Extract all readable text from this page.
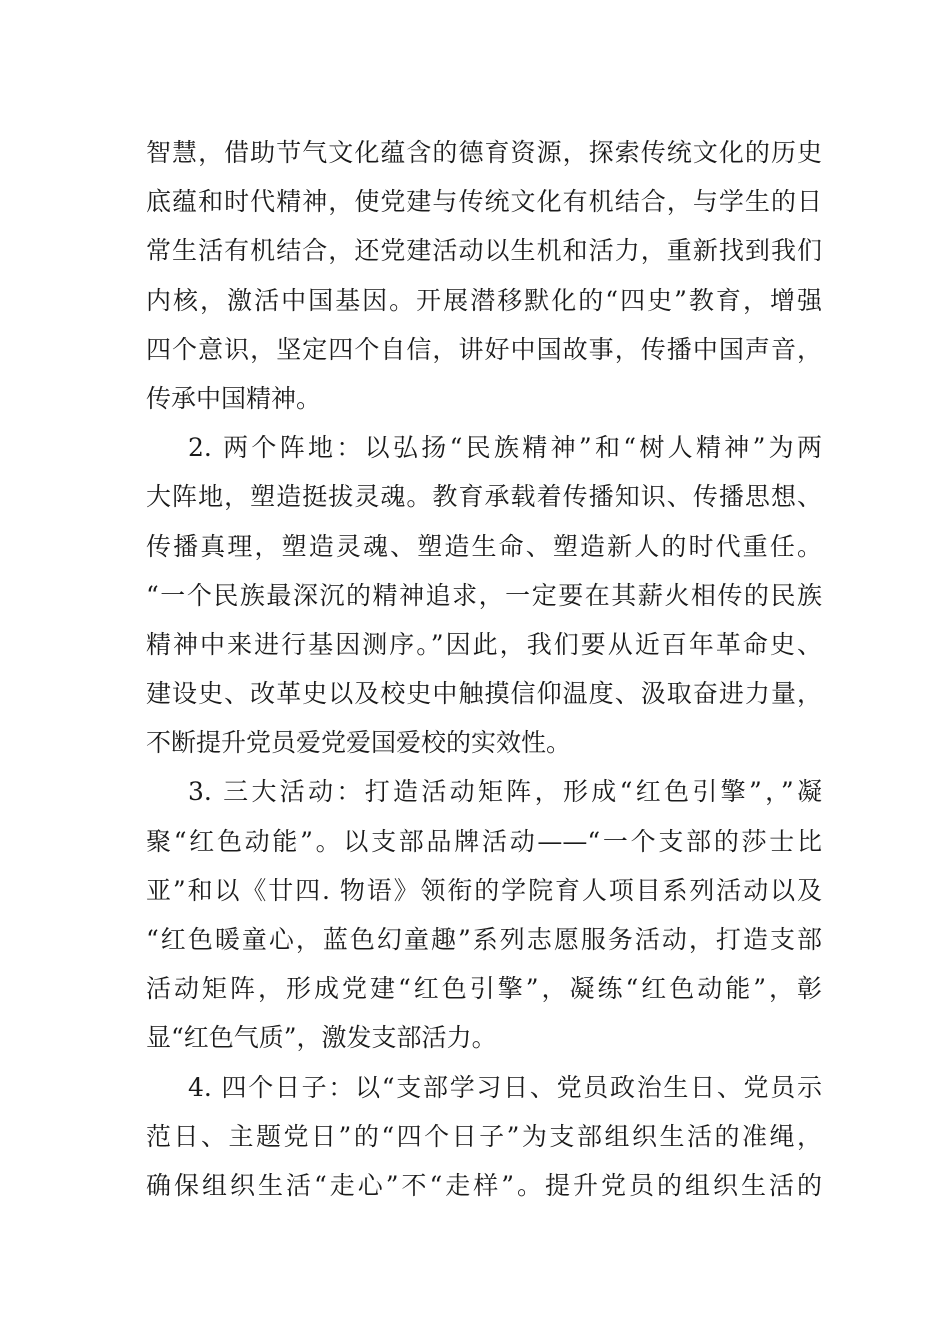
智慧，借助节气文化蕴含的德育资源，探索传统文化的历史
底蕴和时代精神，使党建与传统文化有机结合，与学生的日
常生活有机结合，还党建活动以生机和活力，重新找到我们
内核，激活中国基因。开展潜移默化的“四史”教育，增强
四个意识，坚定四个自信，讲好中国故事，传播中国声音，
传承中国精神。
2. 两个阵地：以弘扬“民族精神”和“树人精神”为两
大阵地，塑造挺拔灵魂。教育承载着传播知识、传播思想、
传播真理，塑造灵魂、塑造生命、塑造新人的时代重任。
“一个民族最深沉的精神追求，一定要在其薪火相传的民族
精神中来进行基因测序。”因此，我们要从近百年革命史、
建设史、改革史以及校史中触摸信仰温度、汲取奋进力量，
不断提升党员爱党爱国爱校的实效性。
3. 三大活动：打造活动矩阵，形成“红色引擎”，”凝
聚“红色动能”。以支部品牌活动——“一个支部的莎士比
亚”和以《廿四. 物语》领衔的学院育人项目系列活动以及
“红色暖童心，蓝色幻童趣”系列志愿服务活动，打造支部
活动矩阵，形成党建“红色引擎”，凝练“红色动能”，彰
显“红色气质”，激发支部活力。
4. 四个日子：以“支部学习日、党员政治生日、党员示
范日、主题党日”的“四个日子”为支部组织生活的准绳，
确保组织生活“走心”不“走样”。提升党员的组织生活的
